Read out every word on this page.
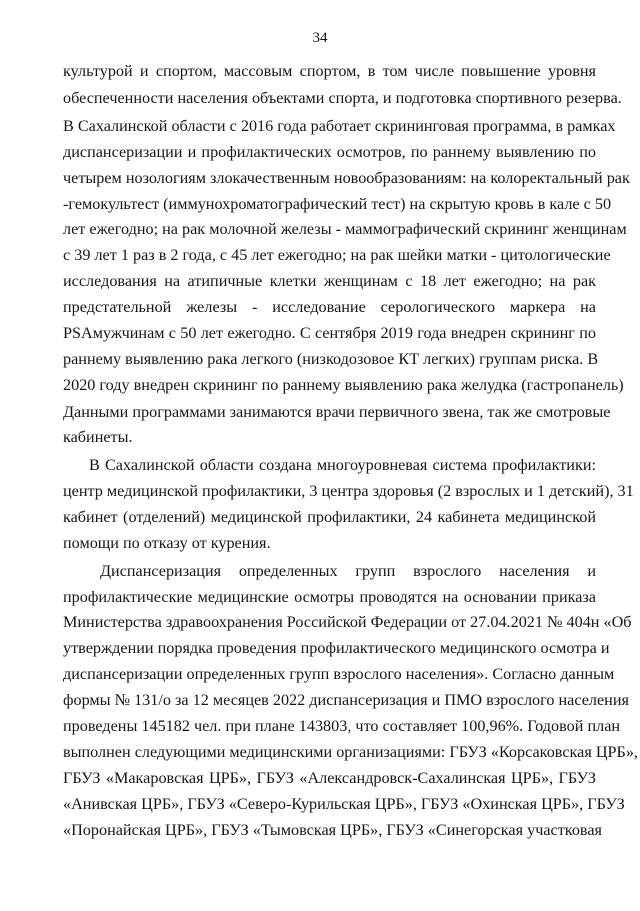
34
культурой и спортом, массовым спортом, в том числе повышение уровня
обеспеченности населения объектами спорта, и подготовка спортивного резерва.
В Сахалинской области с 2016 года работает скрининговая программа, в рамках
диспансеризации и профилактических осмотров, по раннему выявлению по
четырем нозологиям злокачественным новообразованиям: на колоректальный рак
-гемокультест (иммунохроматографический тест) на скрытую кровь в кале с 50
лет ежегодно; на рак молочной железы - маммографический скрининг женщинам
с 39 лет 1 раз в 2 года, с 45 лет ежегодно; на рак шейки матки - цитологические
исследования на атипичные клетки женщинам с 18 лет ежегодно; на рак
предстательной железы - исследование серологического маркера на
PSAмужчинам с 50 лет ежегодно. С сентября 2019 года внедрен скрининг по
раннему выявлению рака легкого (низкодозовое КТ легких) группам риска. В
2020 году внедрен скрининг по раннему выявлению рака желудка (гастропанель)
Данными программами занимаются врачи первичного звена, так же смотровые
кабинеты.
В Сахалинской области создана многоуровневая система профилактики:
центр медицинской профилактики, 3 центра здоровья (2 взрослых и 1 детский), 31
кабинет (отделений) медицинской профилактики, 24 кабинета медицинской
помощи по отказу от курения.
Диспансеризация определенных групп взрослого населения и
профилактические медицинские осмотры проводятся на основании приказа
Министерства здравоохранения Российской Федерации от 27.04.2021 № 404н «Об
утверждении порядка проведения профилактического медицинского осмотра и
диспансеризации определенных групп взрослого населения». Согласно данным
формы № 131/о за 12 месяцев 2022 диспансеризация и ПМО взрослого населения
проведены 145182 чел. при плане 143803, что составляет 100,96%. Годовой план
выполнен следующими медицинскими организациями: ГБУЗ «Корсаковская ЦРБ»,
ГБУЗ «Макаровская ЦРБ», ГБУЗ «Александровск-Сахалинская ЦРБ», ГБУЗ
«Анивская ЦРБ», ГБУЗ «Северо-Курильская ЦРБ», ГБУЗ «Охинская ЦРБ», ГБУЗ
«Поронайская ЦРБ», ГБУЗ «Тымовская ЦРБ», ГБУЗ «Синегорская участковая
